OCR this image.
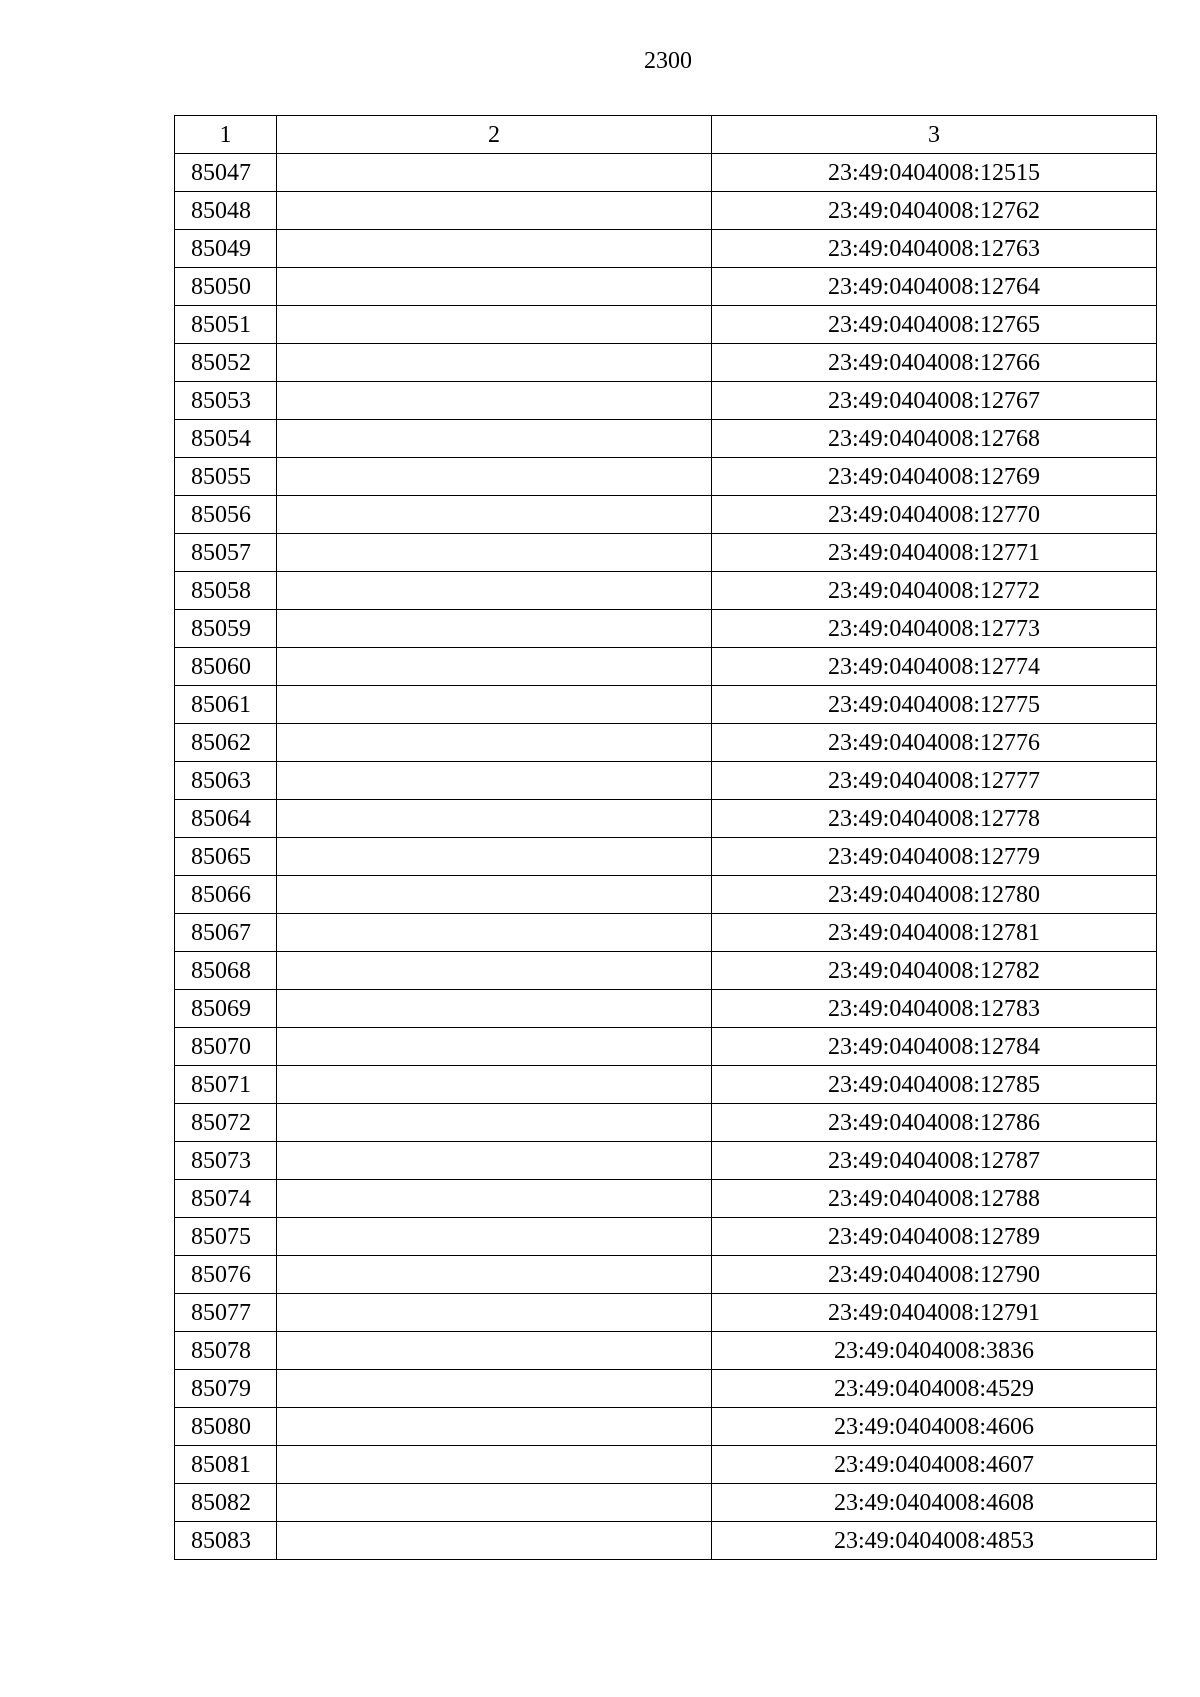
2300
1	2	3
85047		23:49:0404008:12515
85048		23:49:0404008:12762
85049		23:49:0404008:12763
85050		23:49:0404008:12764
85051		23:49:0404008:12765
85052		23:49:0404008:12766
85053		23:49:0404008:12767
85054		23:49:0404008:12768
85055		23:49:0404008:12769
85056		23:49:0404008:12770
85057		23:49:0404008:12771
85058		23:49:0404008:12772
85059		23:49:0404008:12773
85060		23:49:0404008:12774
85061		23:49:0404008:12775
85062		23:49:0404008:12776
85063		23:49:0404008:12777
85064		23:49:0404008:12778
85065		23:49:0404008:12779
85066		23:49:0404008:12780
85067		23:49:0404008:12781
85068		23:49:0404008:12782
85069		23:49:0404008:12783
85070		23:49:0404008:12784
85071		23:49:0404008:12785
85072		23:49:0404008:12786
85073		23:49:0404008:12787
85074		23:49:0404008:12788
85075		23:49:0404008:12789
85076		23:49:0404008:12790
85077		23:49:0404008:12791
85078		23:49:0404008:3836
85079		23:49:0404008:4529
85080		23:49:0404008:4606
85081		23:49:0404008:4607
85082		23:49:0404008:4608
85083		23:49:0404008:4853
